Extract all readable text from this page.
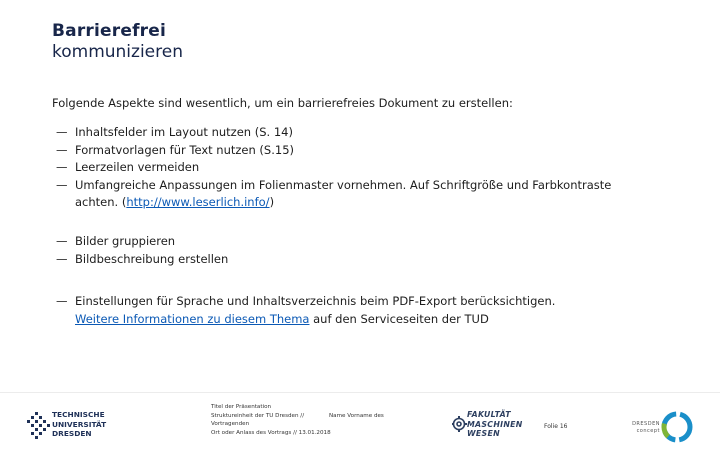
Barrierefrei
kommunizieren
Folgende Aspekte sind wesentlich, um ein barrierefreies Dokument zu erstellen:
— Inhaltsfelder im Layout nutzen (S. 14)
— Formatvorlagen für Text nutzen (S.15)
— Leerzeilen vermeiden
— Umfangreiche Anpassungen im Folienmaster vornehmen. Auf Schriftgröße und Farbkontraste
achten. (http://www.leserlich.info/)
— Bilder gruppieren
— Bildbeschreibung erstellen
— Einstellungen für Sprache und Inhaltsverzeichnis beim PDF-Export berücksichtigen.
Weitere Informationen zu diesem Thema auf den Serviceseiten der TUD
TECHNISCHE
UNIVERSITÄT
DRESDEN
Titel der Präsentation
Struktureinheit der TU Dresden //	Name Vorname des
Vortragenden
Ort oder Anlass des Vortrags // 13.01.2018
FAKULTÄT
MASCHINEN
WESEN
Folie 16	DRESDEN
concept
